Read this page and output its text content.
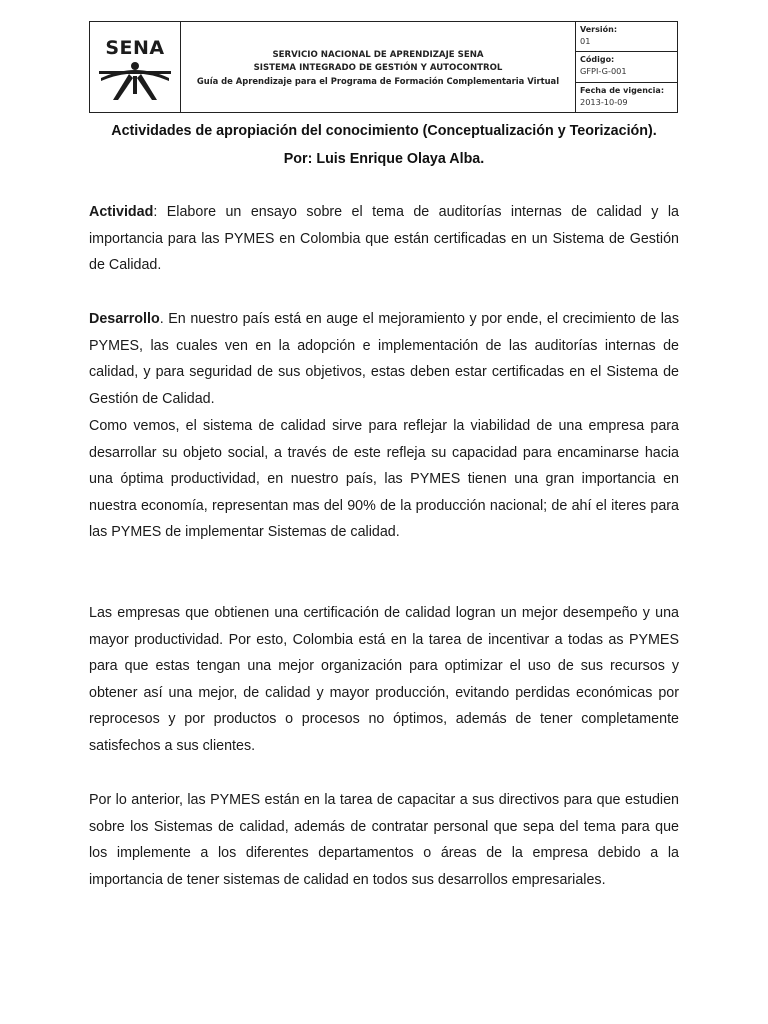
SENA	SERVICIO NACIONAL DE APRENDIZAJE SENA
SISTEMA INTEGRADO DE GESTIÓN Y AUTOCONTROL
Guía de Aprendizaje para el Programa de Formación Complementaria Virtual
Versión:
01
Código:
GFPI-G-001
Fecha de vigencia:
2013-10-09
Actividades de apropiación del conocimiento (Conceptualización y Teorización).
Por: Luis Enrique Olaya Alba.

Actividad: Elabore un ensayo sobre el tema de auditorías internas de calidad y la importancia para las PYMES en Colombia que están certificadas en un Sistema de Gestión de Calidad.

Desarrollo. En nuestro país está en auge el mejoramiento y por ende, el crecimiento de las PYMES, las cuales ven en la adopción e implementación de las auditorías internas de calidad, y para seguridad de sus objetivos, estas deben estar certificadas en el Sistema de Gestión de Calidad.

Como vemos, el sistema de calidad sirve para reflejar la viabilidad de una empresa para desarrollar su objeto social, a través de este refleja su capacidad para encaminarse hacia una óptima productividad, en nuestro país, las PYMES tienen una gran importancia en nuestra economía, representan mas del 90% de la producción nacional; de ahí el iteres para las PYMES de implementar Sistemas de calidad.

Las empresas que obtienen una certificación de calidad logran un mejor desempeño y una mayor productividad. Por esto, Colombia está en la tarea de incentivar a todas as PYMES para que estas tengan una mejor organización para optimizar el uso de sus recursos y obtener así una mejor, de calidad y mayor producción, evitando perdidas económicas por reprocesos y por productos o procesos no óptimos, además de tener completamente satisfechos a sus clientes.

Por lo anterior, las PYMES están en la tarea de capacitar a sus directivos para que estudien sobre los Sistemas de calidad, además de contratar personal que sepa del tema para que los implemente a los diferentes departamentos o áreas de la empresa debido a la importancia de tener sistemas de calidad en todos sus desarrollos empresariales.
